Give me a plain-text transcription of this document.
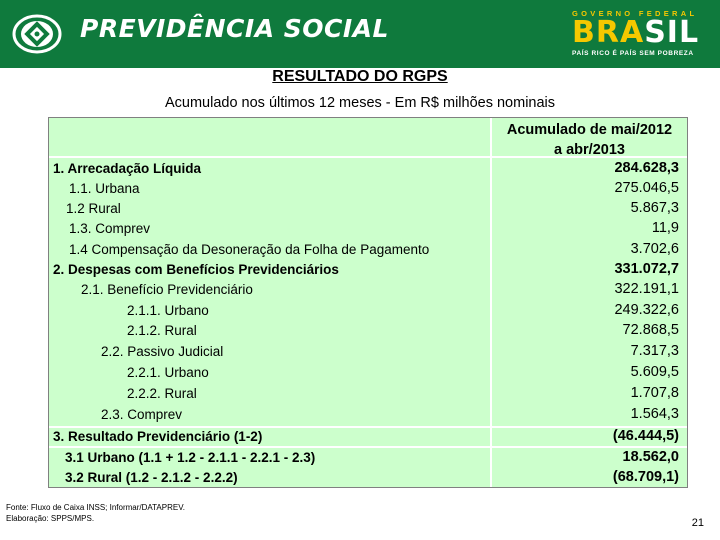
PREVIDÊNCIA SOCIAL
GOVERNO FEDERAL
BRASIL
PAÍS RICO É PAÍS SEM POBREZA
RESULTADO DO RGPS
Acumulado nos últimos 12 meses - Em R$ milhões nominais
Acumulado de mai/2012
a abr/2013
1. Arrecadação Líquida	284.628,3
1.1. Urbana	275.046,5
1.2 Rural	5.867,3
1.3. Comprev	11,9
1.4 Compensação da Desoneração da Folha de Pagamento	3.702,6
2. Despesas com Benefícios Previdenciários	331.072,7
2.1. Benefício Previdenciário	322.191,1
2.1.1. Urbano	249.322,6
2.1.2. Rural	72.868,5
2.2. Passivo Judicial	7.317,3
2.2.1. Urbano	5.609,5
2.2.2. Rural	1.707,8
2.3. Comprev	1.564,3
3. Resultado Previdenciário (1-2)	(46.444,5)
3.1 Urbano (1.1 + 1.2 - 2.1.1 - 2.2.1 - 2.3)	18.562,0
3.2 Rural (1.2 - 2.1.2 - 2.2.2)	(68.709,1)
Fonte: Fluxo de Caixa INSS; Informar/DATAPREV.
Elaboração: SPPS/MPS.	21
